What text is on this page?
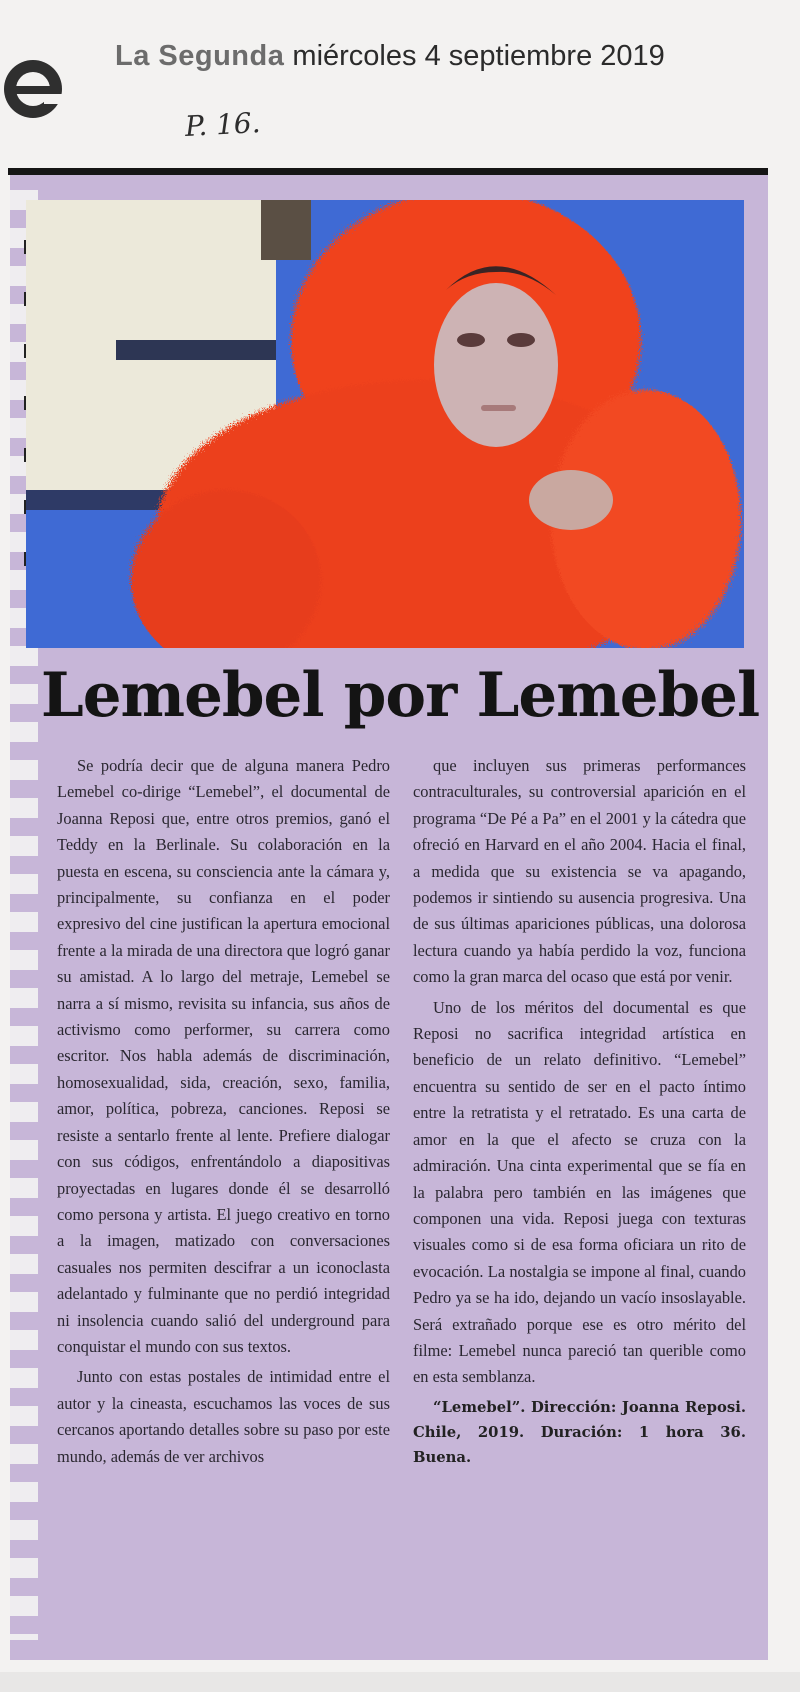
La Segunda miércoles 4 septiembre 2019
P. 16.
Lemebel por Lemebel

Se podría decir que de alguna manera Pedro Lemebel co-dirige “Lemebel”, el documental de Joanna Reposi que, entre otros premios, ganó el Teddy en la Berlinale. Su colaboración en la puesta en escena, su consciencia ante la cámara y, principalmente, su confianza en el poder expresivo del cine justifican la apertura emocional frente a la mirada de una directora que logró ganar su amistad. A lo largo del metraje, Lemebel se narra a sí mismo, revisita su infancia, sus años de activismo como performer, su carrera como escritor. Nos habla además de discriminación, homosexualidad, sida, creación, sexo, familia, amor, política, pobreza, canciones. Reposi se resiste a sentarlo frente al lente. Prefiere dialogar con sus códigos, enfrentándolo a diapositivas proyectadas en lugares donde él se desarrolló como persona y artista. El juego creativo en torno a la imagen, matizado con conversaciones casuales nos permiten descifrar a un iconoclasta adelantado y fulminante que no perdió integridad ni insolencia cuando salió del underground para conquistar el mundo con sus textos.

Junto con estas postales de intimidad entre el autor y la cineasta, escuchamos las voces de sus cercanos aportando detalles sobre su paso por este mundo, además de ver archivos

que incluyen sus primeras performances contraculturales, su controversial aparición en el programa “De Pé a Pa” en el 2001 y la cátedra que ofreció en Harvard en el año 2004. Hacia el final, a medida que su existencia se va apagando, podemos ir sintiendo su ausencia progresiva. Una de sus últimas apariciones públicas, una dolorosa lectura cuando ya había perdido la voz, funciona como la gran marca del ocaso que está por venir.

Uno de los méritos del documental es que Reposi no sacrifica integridad artística en beneficio de un relato definitivo. “Lemebel” encuentra su sentido de ser en el pacto íntimo entre la retratista y el retratado. Es una carta de amor en la que el afecto se cruza con la admiración. Una cinta experimental que se fía en la palabra pero también en las imágenes que componen una vida. Reposi juega con texturas visuales como si de esa forma oficiara un rito de evocación. La nostalgia se impone al final, cuando Pedro ya se ha ido, dejando un vacío insoslayable. Será extrañado porque ese es otro mérito del filme: Lemebel nunca pareció tan querible como en esta semblanza.

“Lemebel”. Dirección: Joanna Reposi. Chile, 2019. Duración: 1 hora 36. Buena.
